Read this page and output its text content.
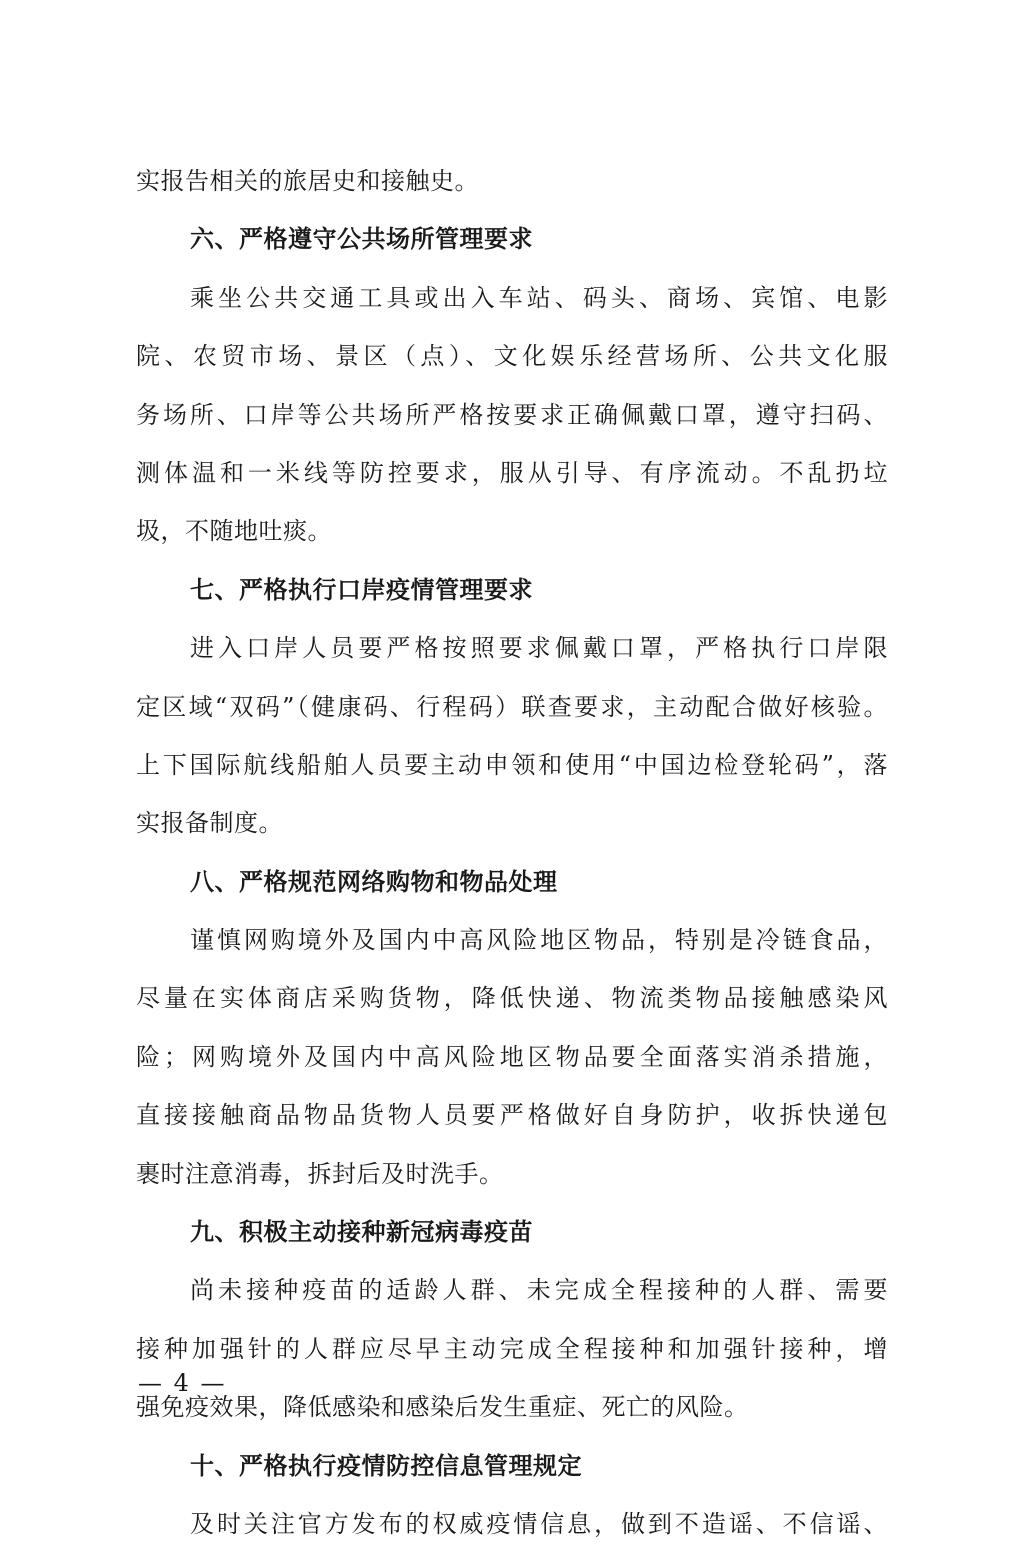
实报告相关的旅居史和接触史。
六、严格遵守公共场所管理要求
乘坐公共交通工具或出入车站、码头、商场、宾馆、电影
院、农贸市场、景区（点）、文化娱乐经营场所、公共文化服
务场所、口岸等公共场所严格按要求正确佩戴口罩，遵守扫码、
测体温和一米线等防控要求，服从引导、有序流动。不乱扔垃
圾，不随地吐痰。
七、严格执行口岸疫情管理要求
进入口岸人员要严格按照要求佩戴口罩，严格执行口岸限
定区域“双码”（健康码、行程码）联查要求，主动配合做好核验。
上下国际航线船舶人员要主动申领和使用“中国边检登轮码”，落
实报备制度。
八、严格规范网络购物和物品处理
谨慎网购境外及国内中高风险地区物品，特别是冷链食品，
尽量在实体商店采购货物，降低快递、物流类物品接触感染风
险；网购境外及国内中高风险地区物品要全面落实消杀措施，
直接接触商品物品货物人员要严格做好自身防护，收拆快递包
裹时注意消毒，拆封后及时洗手。
九、积极主动接种新冠病毒疫苗
尚未接种疫苗的适龄人群、未完成全程接种的人群、需要
接种加强针的人群应尽早主动完成全程接种和加强针接种，增
强免疫效果，降低感染和感染后发生重症、死亡的风险。
十、严格执行疫情防控信息管理规定
及时关注官方发布的权威疫情信息，做到不造谣、不信谣、
— 4 —
